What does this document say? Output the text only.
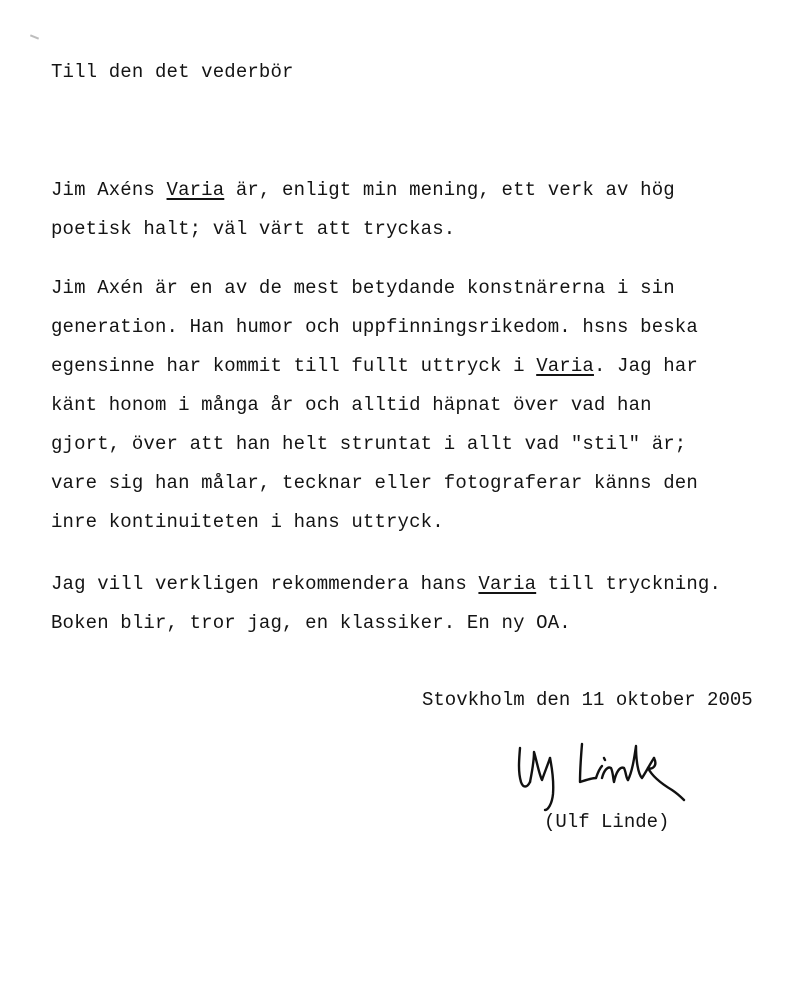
Till den det vederbör
Jim Axéns Varia är, enligt min mening, ett verk av hög
poetisk halt; väl värt att tryckas.
Jim Axén är en av de mest betydande konstnärerna i sin
generation. Han humor och uppfinningsrikedom. hsns beska
egensinne har kommit till fullt uttryck i Varia. Jag har
känt honom i många år och alltid häpnat över vad han
gjort, över att han helt struntat i allt vad "stil" är;
vare sig han målar, tecknar eller fotograferar känns den
inre kontinuiteten i hans uttryck.
Jag vill verkligen rekommendera hans Varia till tryckning.
Boken blir, tror jag, en klassiker. En ny OA.
Stovkholm den 11 oktober 2005
(Ulf Linde)
